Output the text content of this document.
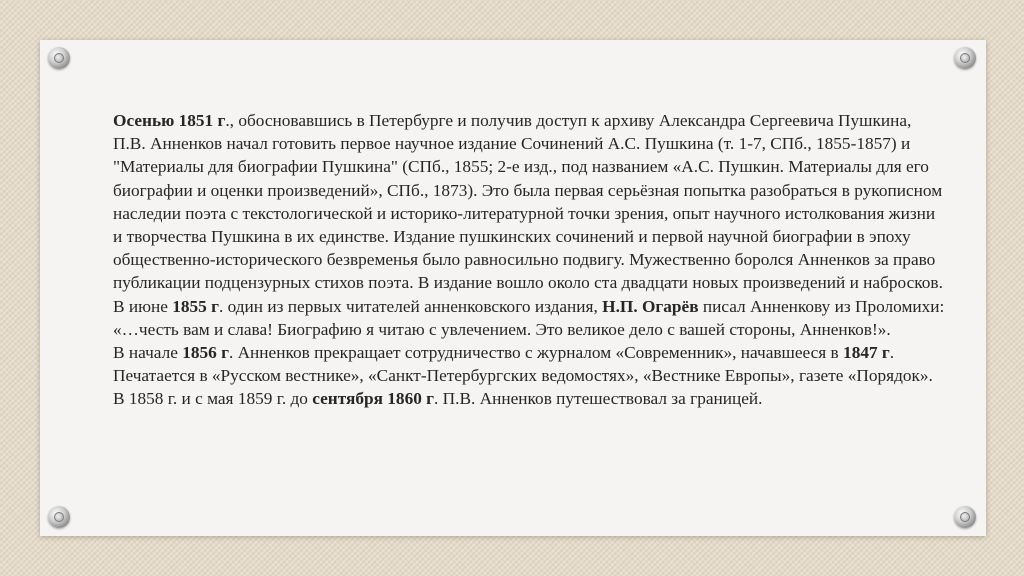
Осенью 1851 г., обосновавшись в Петербурге и получив доступ к архиву Александра Сергеевича Пушкина, П.В. Анненков начал готовить первое научное издание Сочинений А.С. Пушкина (т. 1-7, СПб., 1855-1857) и "Материалы для биографии Пушкина" (СПб., 1855; 2-е изд., под названием «А.С. Пушкин. Материалы для его биографии и оценки произведений», СПб., 1873). Это была первая серьёзная попытка разобраться в рукописном наследии поэта с текстологической и историко-литературной точки зрения, опыт научного истолкования жизни и творчества Пушкина в их единстве. Издание пушкинских сочинений и первой научной биографии в эпоху общественно-исторического безвременья было равносильно подвигу. Мужественно боролся Анненков за право публикации подцензурных стихов поэта. В издание вошло около ста двадцати новых произведений и набросков. В июне 1855 г. один из первых читателей анненковского издания, Н.П. Огарёв писал Анненкову из Проломихи: «…честь вам и слава! Биографию я читаю с увлечением. Это великое дело с вашей стороны, Анненков!».

В начале 1856 г. Анненков прекращает сотрудничество с журналом «Современник», начавшееся в 1847 г. Печатается в «Русском вестнике», «Санкт-Петербургских ведомостях», «Вестнике Европы», газете «Порядок». В 1858 г. и с мая 1859 г. до сентября 1860 г. П.В. Анненков путешествовал за границей.
